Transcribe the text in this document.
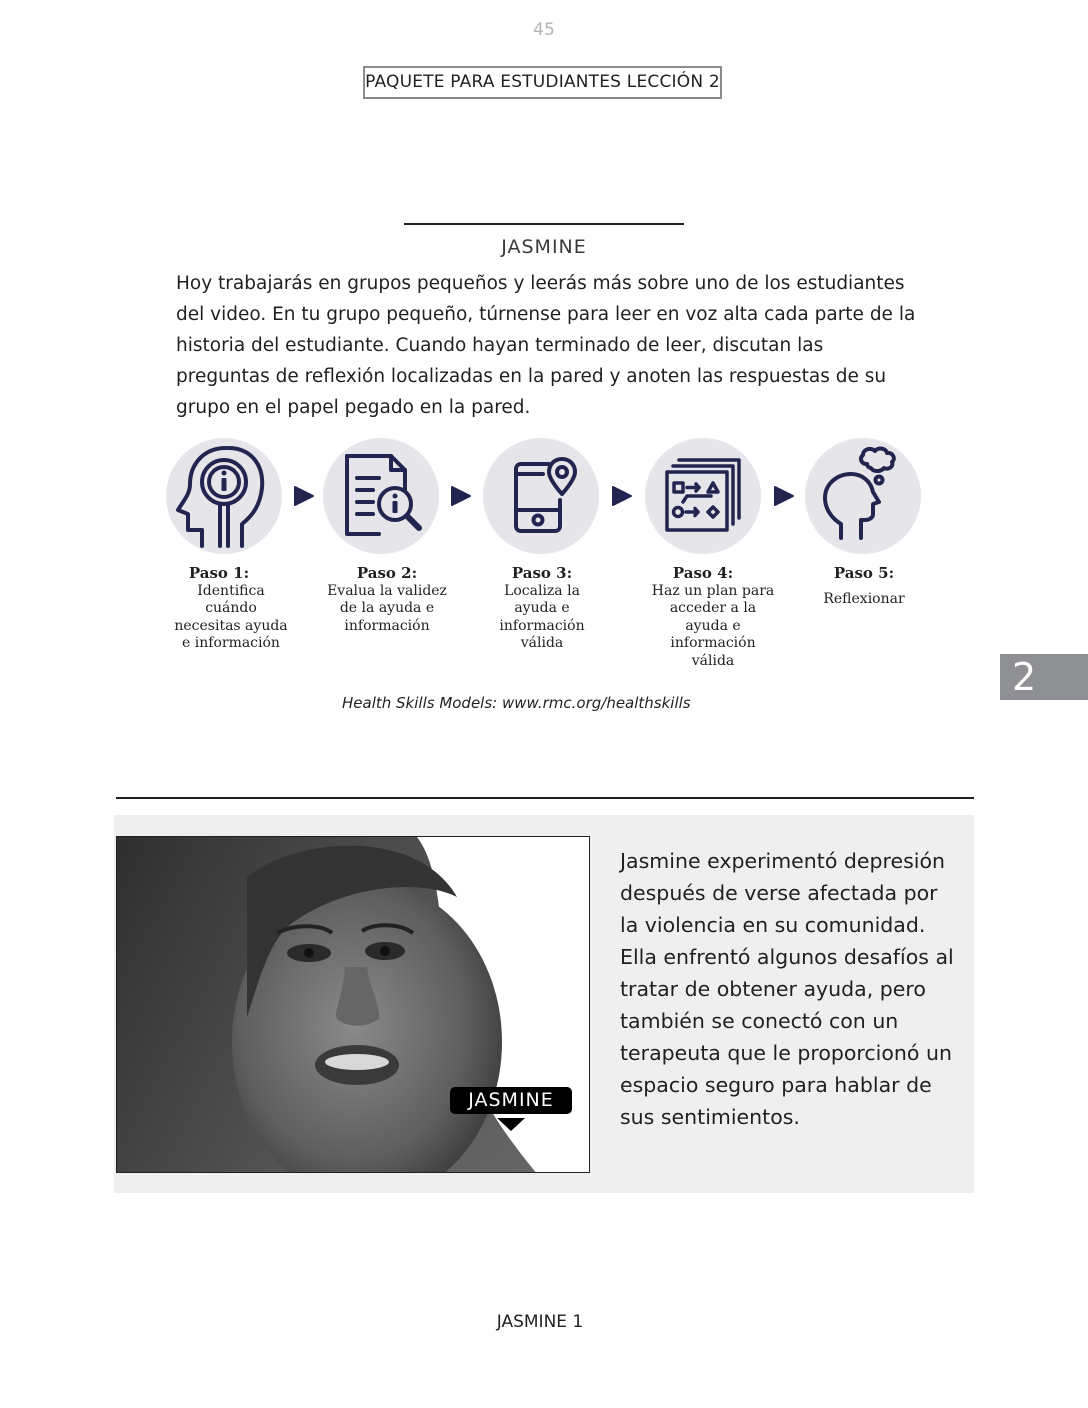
45
PAQUETE PARA ESTUDIANTES LECCIÓN 2
JASMINE

Hoy trabajarás en grupos pequeños y leerás más sobre uno de los estudiantes del video. En tu grupo pequeño, túrnense para leer en voz alta cada parte de la historia del estudiante. Cuando hayan terminado de leer, discutan las preguntas de reflexión localizadas en la pared y anoten las respuestas de su grupo en el papel pegado en la pared.

Paso 1:
Identifica cuándo necesitas ayuda e información
Paso 2:
Evalua la validez de la ayuda e información
Paso 3:
Localiza la ayuda e información válida
Paso 4:
Haz un plan para acceder a la ayuda e información válida
Paso 5:
Reflexionar
Health Skills Models: www.rmc.org/healthskills
2
JASMINE

Jasmine experimentó depresión después de verse afectada por la violencia en su comunidad. Ella enfrentó algunos desafíos al tratar de obtener ayuda, pero también se conectó con un terapeuta que le proporcionó un espacio seguro para hablar de sus sentimientos.

JASMINE 1
